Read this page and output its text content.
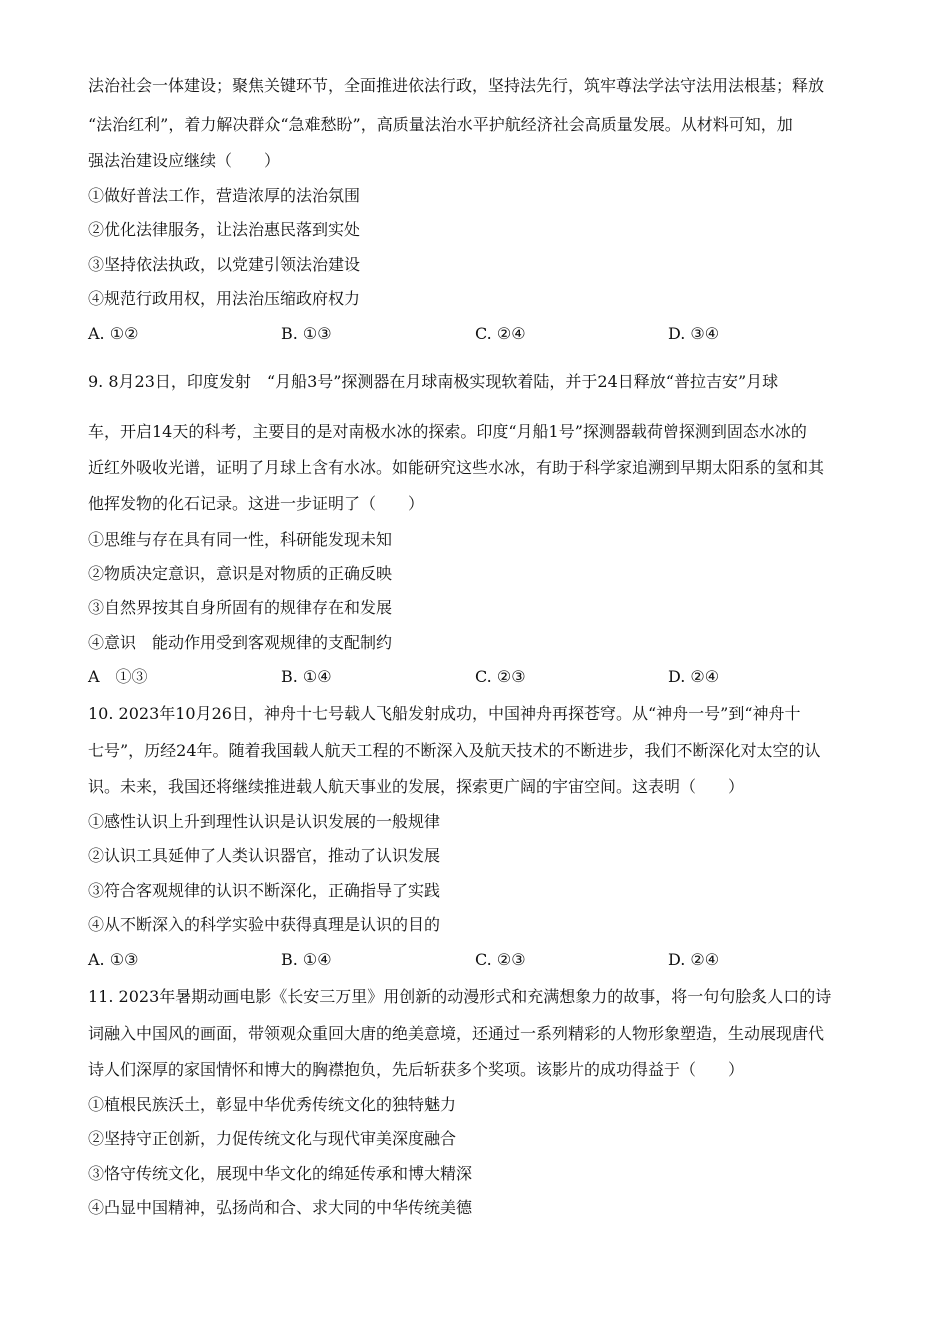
法治社会一体建设；聚焦关键环节，全面推进依法行政，坚持法先行，筑牢尊法学法守法用法根基；释放
“法治红利”，着力解决群众“急难愁盼”，高质量法治水平护航经济社会高质量发展。从材料可知，加
强法治建设应继续（　　）
①做好普法工作，营造浓厚的法治氛围
②优化法律服务，让法治惠民落到实处
③坚持依法执政，以党建引领法治建设
④规范行政用权，用法治压缩政府权力
A. ①②	B. ①③	C. ②④	D. ③④
9. 8月23日，印度发射　“月船3号”探测器在月球南极实现软着陆，并于24日释放“普拉吉安”月球
车，开启14天的科考，主要目的是对南极水冰的探索。印度“月船1号”探测器载荷曾探测到固态水冰的
近红外吸收光谱，证明了月球上含有水冰。如能研究这些水冰，有助于科学家追溯到早期太阳系的氢和其
他挥发物的化石记录。这进一步证明了（　　）
①思维与存在具有同一性，科研能发现未知
②物质决定意识，意识是对物质的正确反映
③自然界按其自身所固有的规律存在和发展
④意识　能动作用受到客观规律的支配制约
A　①③	B. ①④	C. ②③	D. ②④
10. 2023年10月26日，神舟十七号载人飞船发射成功，中国神舟再探苍穹。从“神舟一号”到“神舟十
七号”，历经24年。随着我国载人航天工程的不断深入及航天技术的不断进步，我们不断深化对太空的认
识。未来，我国还将继续推进载人航天事业的发展，探索更广阔的宇宙空间。这表明（　　）
①感性认识上升到理性认识是认识发展的一般规律
②认识工具延伸了人类认识器官，推动了认识发展
③符合客观规律的认识不断深化，正确指导了实践
④从不断深入的科学实验中获得真理是认识的目的
A. ①③	B. ①④	C. ②③	D. ②④
11. 2023年暑期动画电影《长安三万里》用创新的动漫形式和充满想象力的故事，将一句句脍炙人口的诗
词融入中国风的画面，带领观众重回大唐的绝美意境，还通过一系列精彩的人物形象塑造，生动展现唐代
诗人们深厚的家国情怀和博大的胸襟抱负，先后斩获多个奖项。该影片的成功得益于（　　）
①植根民族沃土，彰显中华优秀传统文化的独特魅力
②坚持守正创新，力促传统文化与现代审美深度融合
③恪守传统文化，展现中华文化的绵延传承和博大精深
④凸显中国精神，弘扬尚和合、求大同的中华传统美德
